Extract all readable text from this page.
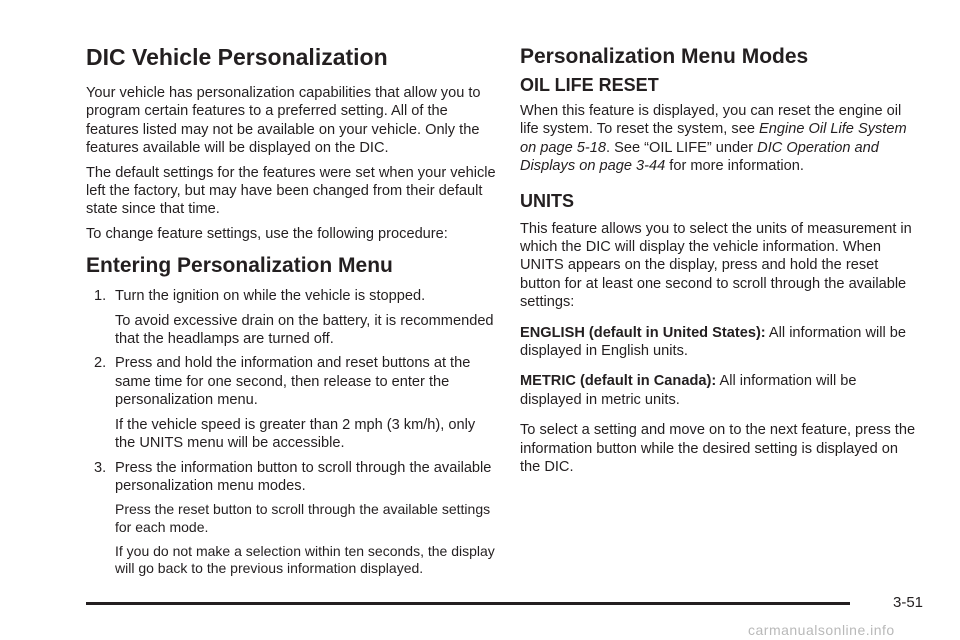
DIC Vehicle Personalization

Your vehicle has personalization capabilities that allow you to program certain features to a preferred setting. All of the features listed may not be available on your vehicle. Only the features available will be displayed on the DIC.

The default settings for the features were set when your vehicle left the factory, but may have been changed from their default state since that time.

To change feature settings, use the following procedure:

Entering Personalization Menu
1. Turn the ignition on while the vehicle is stopped.

To avoid excessive drain on the battery, it is recommended that the headlamps are turned off.

2. Press and hold the information and reset buttons at the same time for one second, then release to enter the personalization menu.

If the vehicle speed is greater than 2 mph (3 km/h), only the UNITS menu will be accessible.

3. Press the information button to scroll through the available personalization menu modes.

Press the reset button to scroll through the available settings for each mode.

If you do not make a selection within ten seconds, the display will go back to the previous information displayed.

Personalization Menu Modes
OIL LIFE RESET

When this feature is displayed, you can reset the engine oil life system. To reset the system, see Engine Oil Life System on page 5-18. See “OIL LIFE” under DIC Operation and Displays on page 3-44 for more information.

UNITS

This feature allows you to select the units of measurement in which the DIC will display the vehicle information. When UNITS appears on the display, press and hold the reset button for at least one second to scroll through the available settings:

ENGLISH (default in United States): All information will be displayed in English units.

METRIC (default in Canada): All information will be displayed in metric units.

To select a setting and move on to the next feature, press the information button while the desired setting is displayed on the DIC.

3-51
carmanualsonline.info
